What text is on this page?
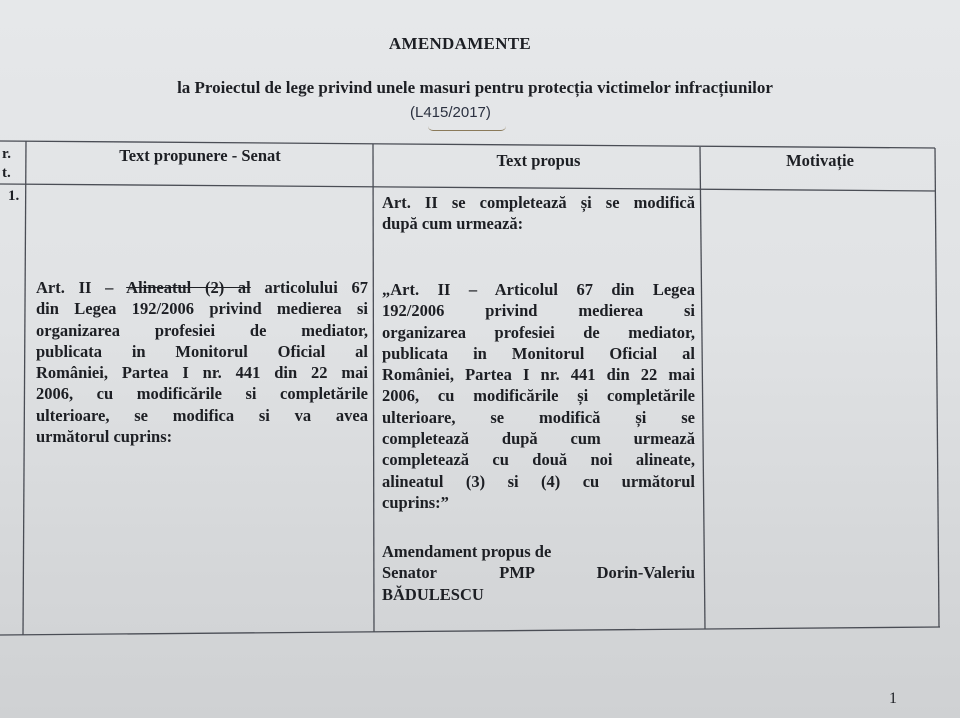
AMENDAMENTE
la Proiectul de lege privind unele masuri pentru protecția victimelor infracțiunilor
(L415/2017)
r.
t.
Text propunere - Senat	Text propus	Motivație
1.
Art. II – Alineatul (2) al articolului 67
din Legea 192/2006 privind medierea si
organizarea profesiei de mediator,
publicata in Monitorul Oficial al
României, Partea I nr. 441 din 22 mai
2006, cu modificările si completările
ulterioare, se modifica si va avea
următorul cuprins:
Art. II se completează și se modifică
după cum urmează:
„Art. II – Articolul 67 din Legea
192/2006 privind medierea si
organizarea profesiei de mediator,
publicata in Monitorul Oficial al
României, Partea I nr. 441 din 22 mai
2006, cu modificările și completările
ulterioare, se modifică și se
completează după cum urmează
completează cu două noi alineate,
alineatul (3) si (4) cu următorul
cuprins:”
Amendament propus de
Senator PMP Dorin-Valeriu
BĂDULESCU
1
